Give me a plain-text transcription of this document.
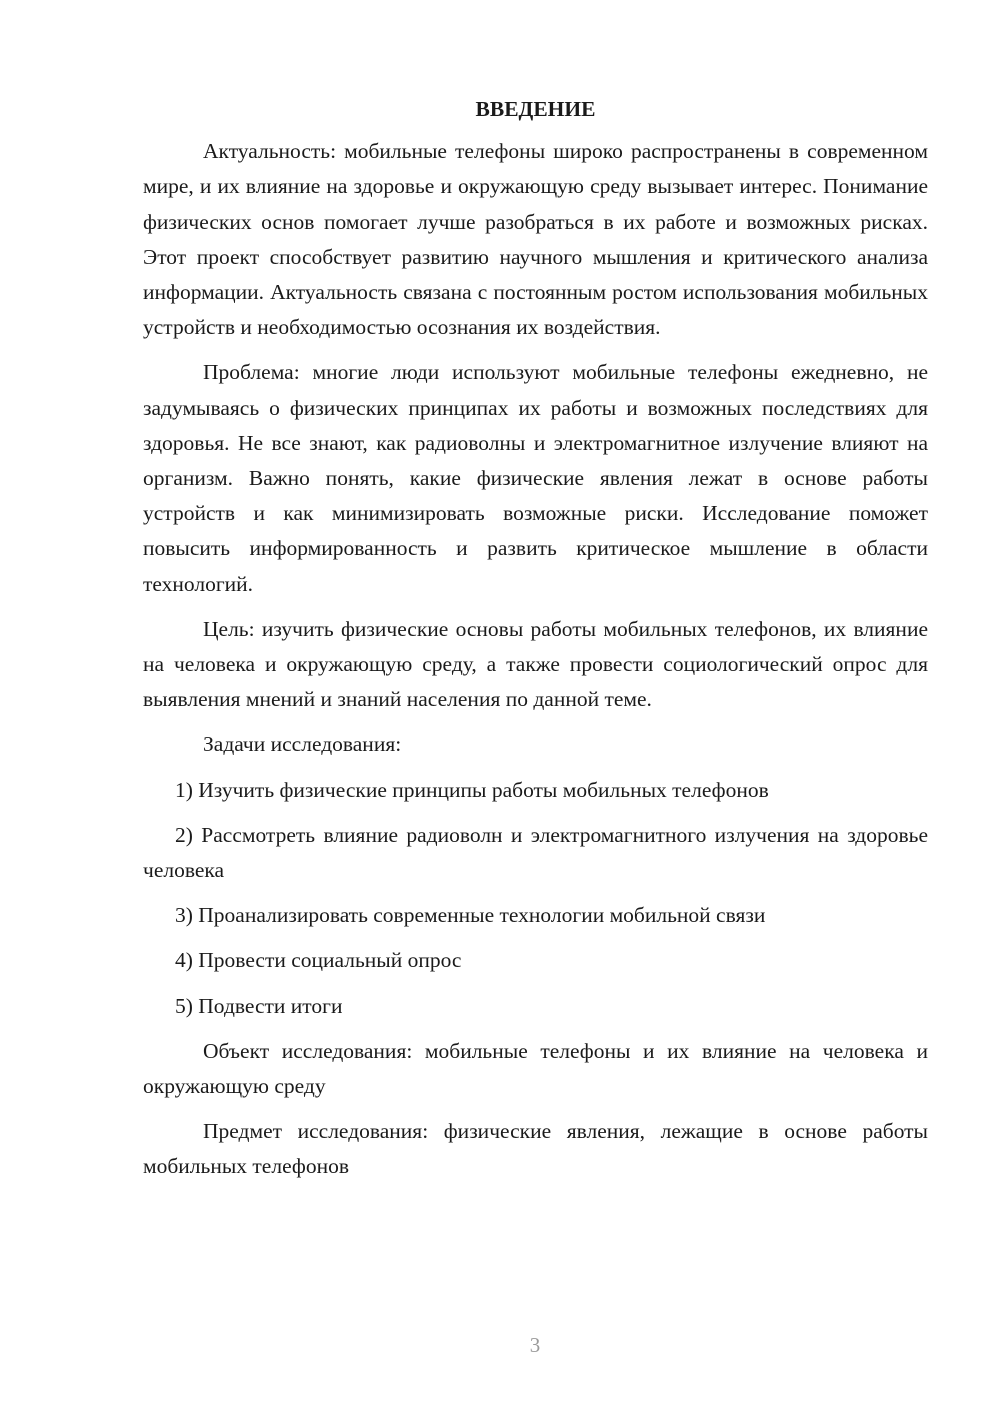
ВВЕДЕНИЕ

Актуальность: мобильные телефоны широко распространены в современном мире, и их влияние на здоровье и окружающую среду вызывает интерес. Понимание физических основ помогает лучше разобраться в их работе и возможных рисках. Этот проект способствует развитию научного мышления и критического анализа информации. Актуальность связана с постоянным ростом использования мобильных устройств и необходимостью осознания их воздействия.

Проблема: многие люди используют мобильные телефоны ежедневно, не задумываясь о физических принципах их работы и возможных последствиях для здоровья. Не все знают, как радиоволны и электромагнитное излучение влияют на организм. Важно понять, какие физические явления лежат в основе работы устройств и как минимизировать возможные риски. Исследование поможет повысить информированность и развить критическое мышление в области технологий.

Цель: изучить физические основы работы мобильных телефонов, их влияние на человека и окружающую среду, а также провести социологический опрос для выявления мнений и знаний населения по данной теме.

Задачи исследования:

1) Изучить физические принципы работы мобильных телефонов

2) Рассмотреть влияние радиоволн и электромагнитного излучения на здоровье человека

3) Проанализировать современные технологии мобильной связи

4) Провести социальный опрос

5) Подвести итоги

Объект исследования: мобильные телефоны и их влияние на человека и окружающую среду

Предмет исследования: физические явления, лежащие в основе работы мобильных телефонов

3
